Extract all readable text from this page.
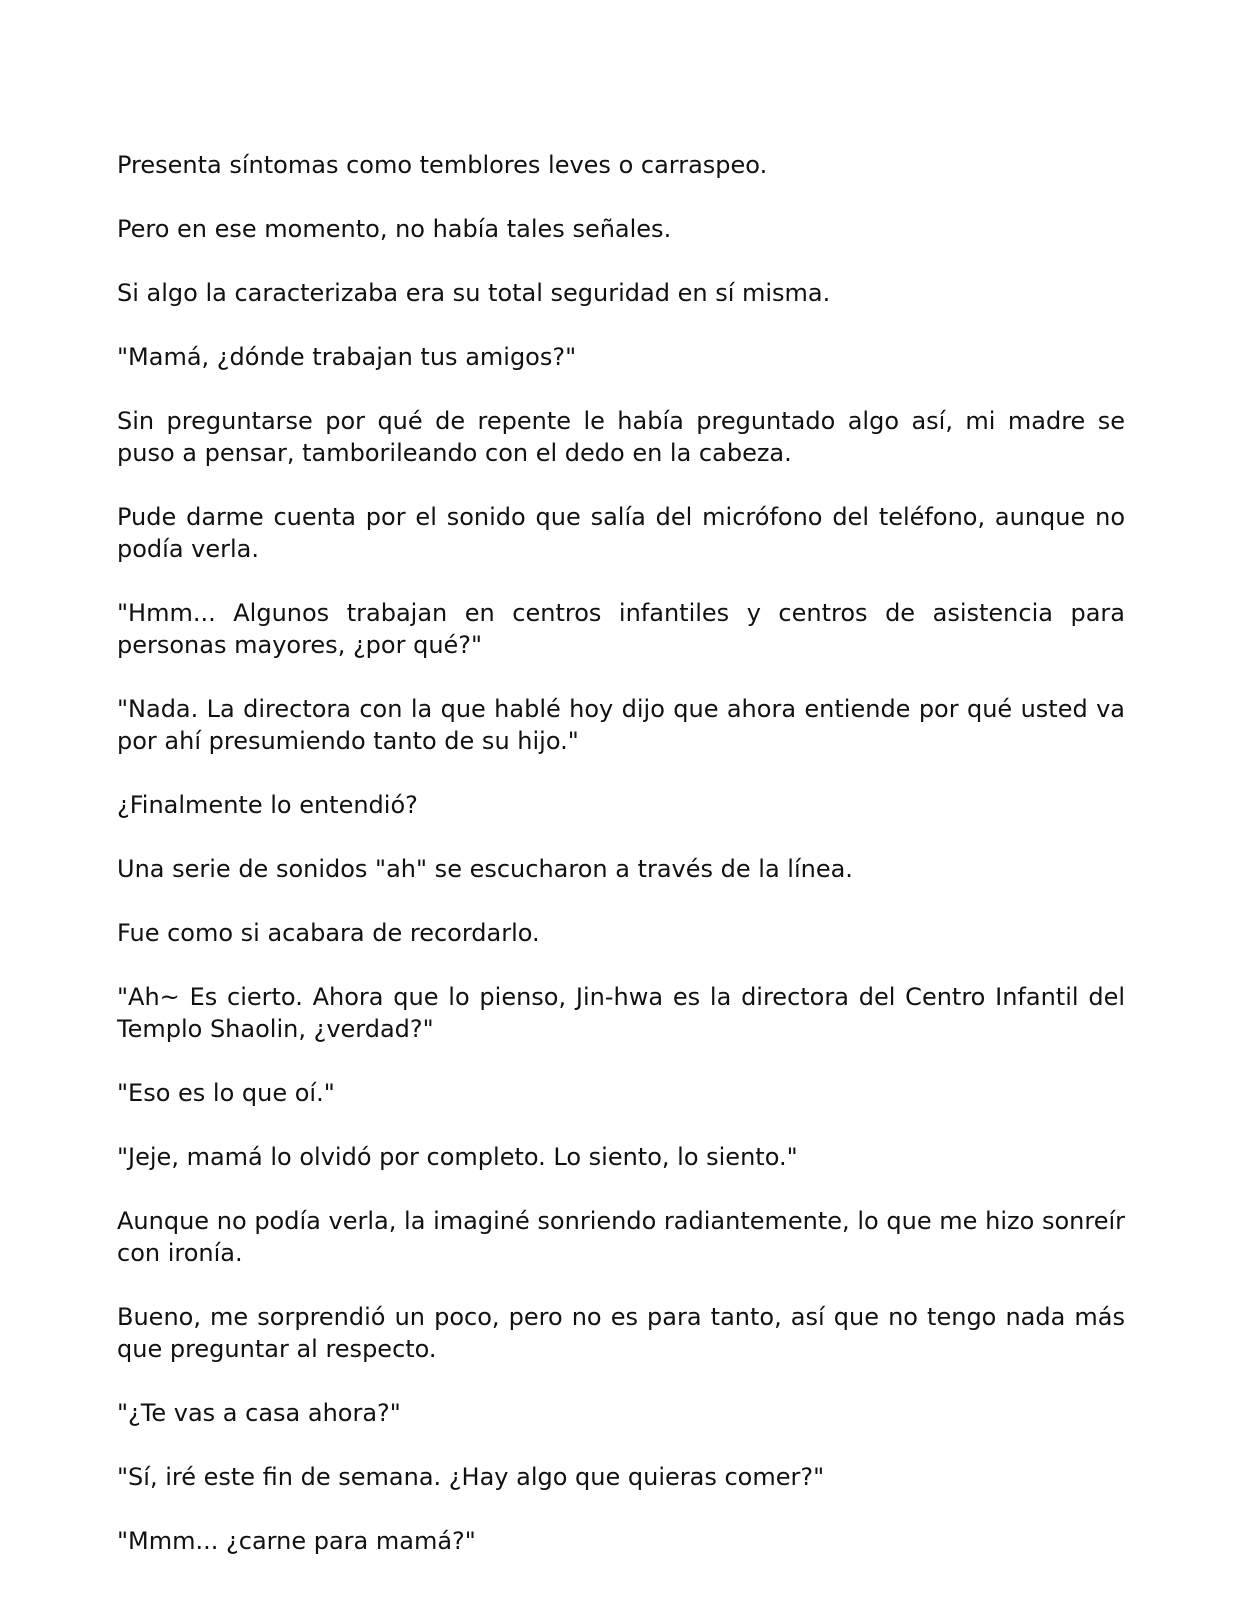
Presenta síntomas como temblores leves o carraspeo.

Pero en ese momento, no había tales señales.

Si algo la caracterizaba era su total seguridad en sí misma.

"Mamá, ¿dónde trabajan tus amigos?"

Sin preguntarse por qué de repente le había preguntado algo así, mi madre se puso a pensar, tamborileando con el dedo en la cabeza.

Pude darme cuenta por el sonido que salía del micrófono del teléfono, aunque no podía verla.

"Hmm... Algunos trabajan en centros infantiles y centros de asistencia para personas mayores, ¿por qué?"

"Nada. La directora con la que hablé hoy dijo que ahora entiende por qué usted va por ahí presumiendo tanto de su hijo."

¿Finalmente lo entendió?

Una serie de sonidos "ah" se escucharon a través de la línea.

Fue como si acabara de recordarlo.

"Ah~ Es cierto. Ahora que lo pienso, Jin-hwa es la directora del Centro Infantil del Templo Shaolin, ¿verdad?"

"Eso es lo que oí."

"Jeje, mamá lo olvidó por completo. Lo siento, lo siento."

Aunque no podía verla, la imaginé sonriendo radiantemente, lo que me hizo sonreír con ironía.

Bueno, me sorprendió un poco, pero no es para tanto, así que no tengo nada más que preguntar al respecto.

"¿Te vas a casa ahora?"

"Sí, iré este fin de semana. ¿Hay algo que quieras comer?"

"Mmm... ¿carne para mamá?"
